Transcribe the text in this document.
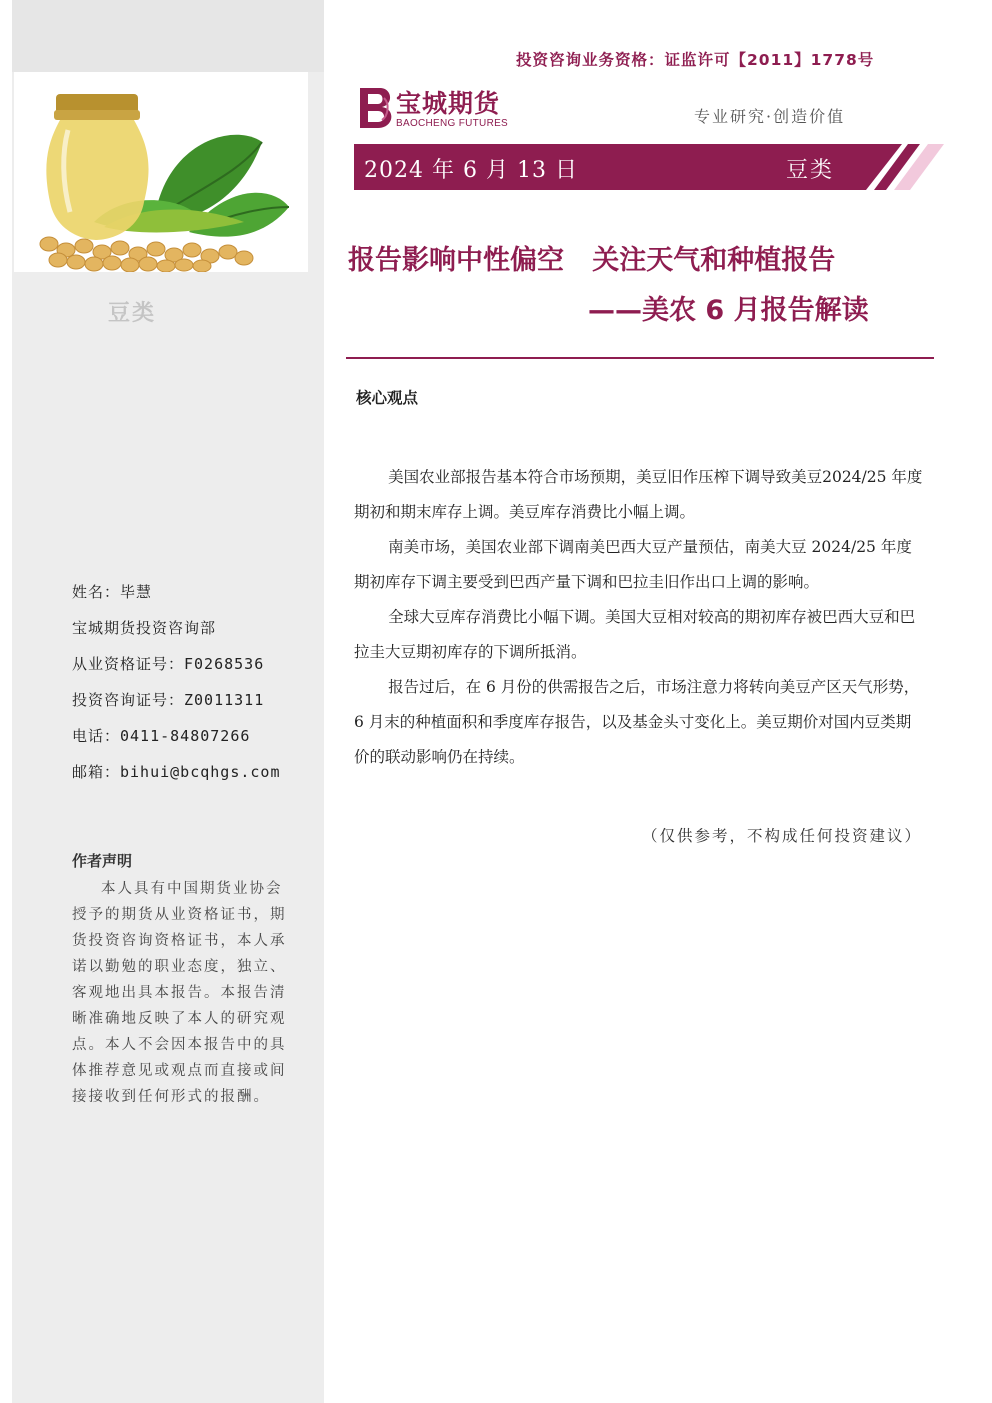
豆类
姓名：毕慧
宝城期货投资咨询部
从业资格证号：F0268536
投资咨询证号：Z0011311
电话：0411-84807266
邮箱：bihui@bcqhgs.com
作者声明
本人具有中国期货业协会授予的期货从业资格证书，期货投资咨询资格证书，本人承诺以勤勉的职业态度，独立、客观地出具本报告。本报告清晰准确地反映了本人的研究观点。本人不会因本报告中的具体推荐意见或观点而直接或间接接收到任何形式的报酬。
投资咨询业务资格：证监许可【2011】1778号
宝城期货
BAOCHENG FUTURES	专业研究·创造价值
2024 年 6 月 13 日	豆类
报告影响中性偏空   关注天气和种植报告
——美农 6 月报告解读
核心观点

美国农业部报告基本符合市场预期，美豆旧作压榨下调导致美豆2024/25 年度期初和期末库存上调。美豆库存消费比小幅上调。

南美市场，美国农业部下调南美巴西大豆产量预估，南美大豆 2024/25 年度期初库存下调主要受到巴西产量下调和巴拉圭旧作出口上调的影响。

全球大豆库存消费比小幅下调。美国大豆相对较高的期初库存被巴西大豆和巴拉圭大豆期初库存的下调所抵消。

报告过后，在 6 月份的供需报告之后，市场注意力将转向美豆产区天气形势，6 月末的种植面积和季度库存报告，以及基金头寸变化上。美豆期价对国内豆类期价的联动影响仍在持续。

（仅供参考，不构成任何投资建议）
